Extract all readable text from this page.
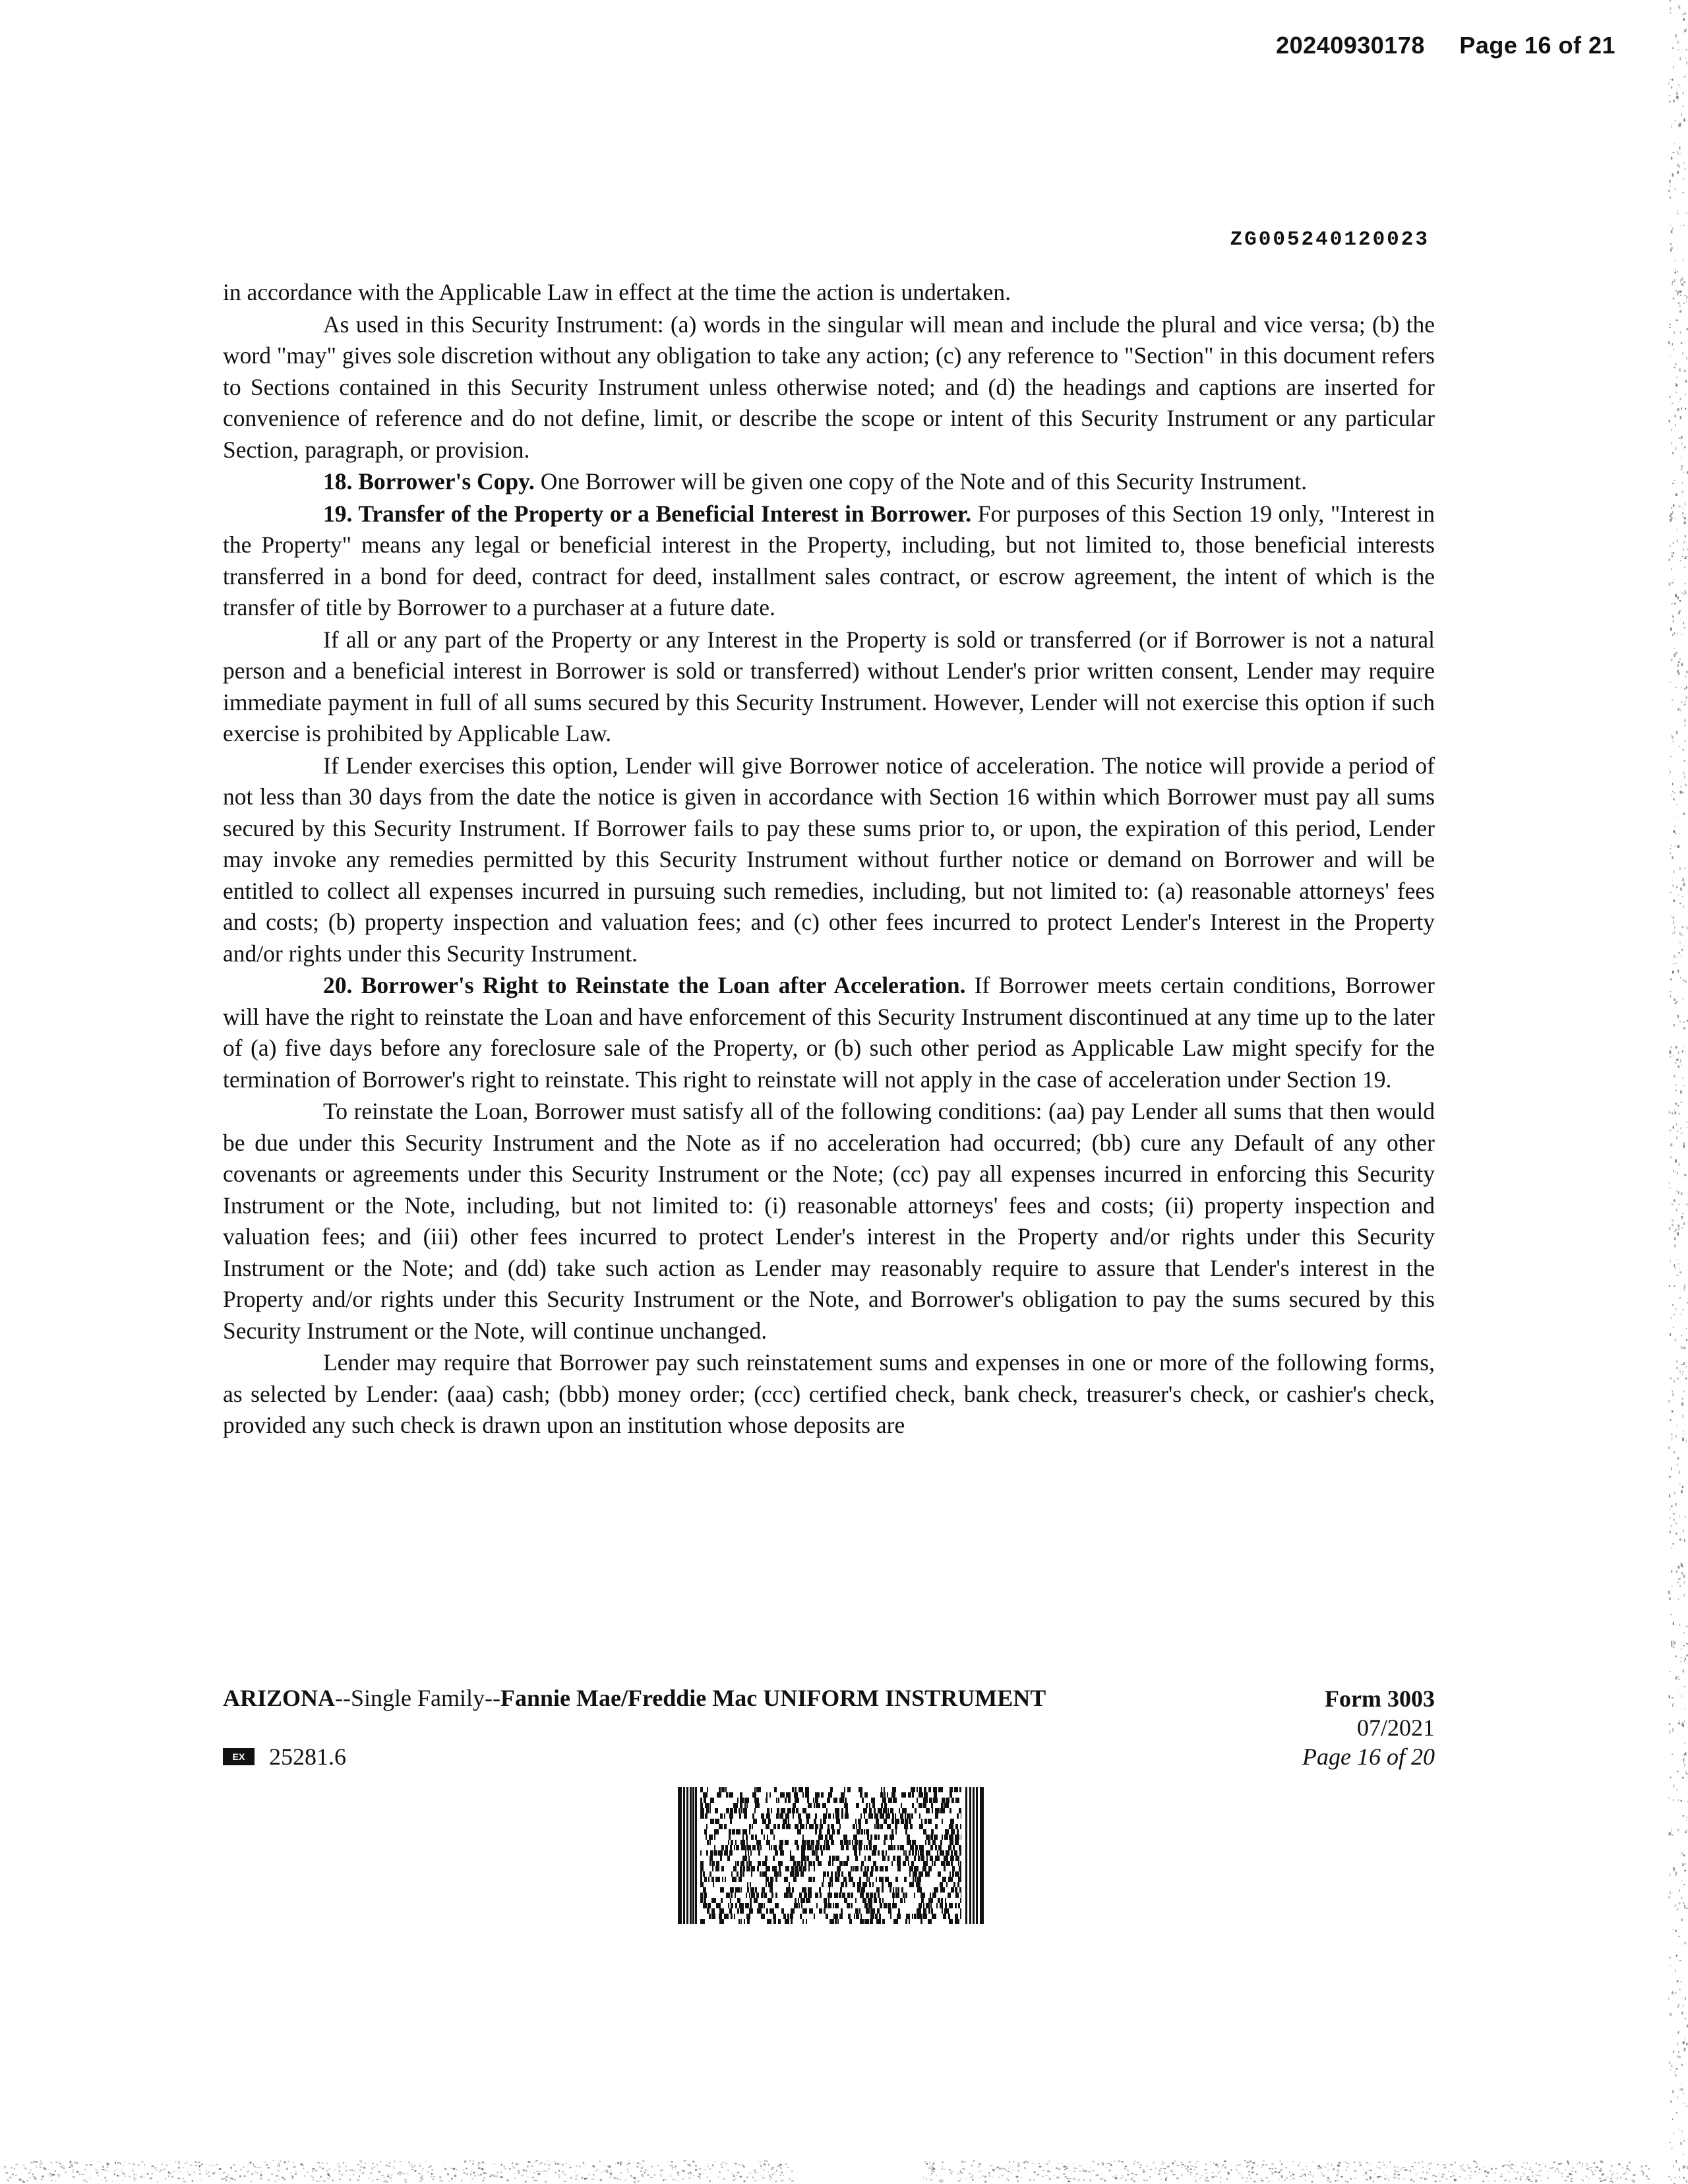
20240930178 Page 16 of 21
ZG005240120023

in accordance with the Applicable Law in effect at the time the action is undertaken.

As used in this Security Instrument: (a) words in the singular will mean and include the plural and vice versa; (b) the word "may" gives sole discretion without any obligation to take any action; (c) any reference to "Section" in this document refers to Sections contained in this Security Instrument unless otherwise noted; and (d) the headings and captions are inserted for convenience of reference and do not define, limit, or describe the scope or intent of this Security Instrument or any particular Section, paragraph, or provision.

18. Borrower's Copy. One Borrower will be given one copy of the Note and of this Security Instrument.

19. Transfer of the Property or a Beneficial Interest in Borrower. For purposes of this Section 19 only, "Interest in the Property" means any legal or beneficial interest in the Property, including, but not limited to, those beneficial interests transferred in a bond for deed, contract for deed, installment sales contract, or escrow agreement, the intent of which is the transfer of title by Borrower to a purchaser at a future date.

If all or any part of the Property or any Interest in the Property is sold or transferred (or if Borrower is not a natural person and a beneficial interest in Borrower is sold or transferred) without Lender's prior written consent, Lender may require immediate payment in full of all sums secured by this Security Instrument. However, Lender will not exercise this option if such exercise is prohibited by Applicable Law.

If Lender exercises this option, Lender will give Borrower notice of acceleration. The notice will provide a period of not less than 30 days from the date the notice is given in accordance with Section 16 within which Borrower must pay all sums secured by this Security Instrument. If Borrower fails to pay these sums prior to, or upon, the expiration of this period, Lender may invoke any remedies permitted by this Security Instrument without further notice or demand on Borrower and will be entitled to collect all expenses incurred in pursuing such remedies, including, but not limited to: (a) reasonable attorneys' fees and costs; (b) property inspection and valuation fees; and (c) other fees incurred to protect Lender's Interest in the Property and/or rights under this Security Instrument.

20. Borrower's Right to Reinstate the Loan after Acceleration. If Borrower meets certain conditions, Borrower will have the right to reinstate the Loan and have enforcement of this Security Instrument discontinued at any time up to the later of (a) five days before any foreclosure sale of the Property, or (b) such other period as Applicable Law might specify for the termination of Borrower's right to reinstate. This right to reinstate will not apply in the case of acceleration under Section 19.

To reinstate the Loan, Borrower must satisfy all of the following conditions: (aa) pay Lender all sums that then would be due under this Security Instrument and the Note as if no acceleration had occurred; (bb) cure any Default of any other covenants or agreements under this Security Instrument or the Note; (cc) pay all expenses incurred in enforcing this Security Instrument or the Note, including, but not limited to: (i) reasonable attorneys' fees and costs; (ii) property inspection and valuation fees; and (iii) other fees incurred to protect Lender's interest in the Property and/or rights under this Security Instrument or the Note; and (dd) take such action as Lender may reasonably require to assure that Lender's interest in the Property and/or rights under this Security Instrument or the Note, and Borrower's obligation to pay the sums secured by this Security Instrument or the Note, will continue unchanged.

Lender may require that Borrower pay such reinstatement sums and expenses in one or more of the following forms, as selected by Lender: (aaa) cash; (bbb) money order; (ccc) certified check, bank check, treasurer's check, or cashier's check, provided any such check is drawn upon an institution whose deposits are

ARIZONA--Single Family--Fannie Mae/Freddie Mac UNIFORM INSTRUMENT	Form 3003
07/2021
Page 16 of 20
EX	25281.6
